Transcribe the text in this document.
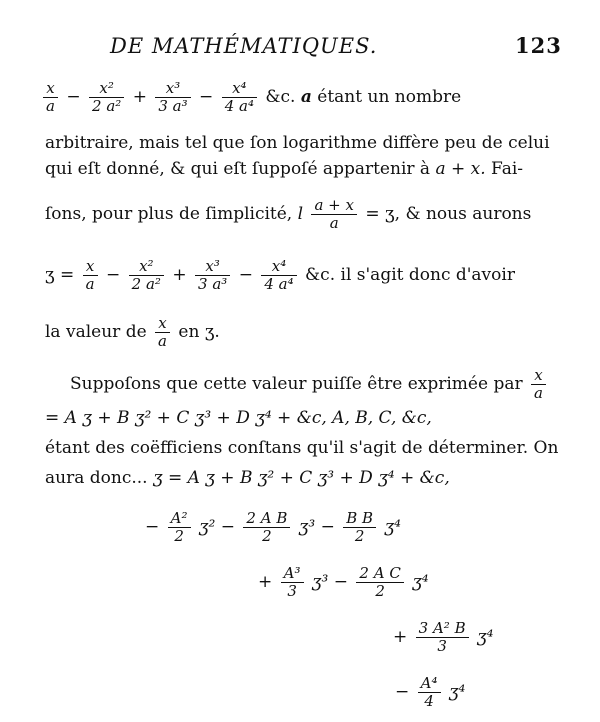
DE MATHÉMATIQUES.	123
$\frac{x}{a} - \frac{\text{x²}}{\text{2 a²}} + \frac{\text{x³}}{\text{3 a³}} - \frac{\text{x⁴}}{\text{4 a⁴}}$ &c. a étant un nombre
arbitraire, mais tel que ſon logarithme diffère peu de celui
qui eſt donné, & qui eſt ſuppoſé appartenir à a + x. Fai-
ſons, pour plus de ſimplicité, l $\frac{a + x}{a}$ = ʒ, & nous aurons
ʒ = $\frac{x}{a} - \frac{\text{x²}}{\text{2 a²}} + \frac{\text{x³}}{\text{3 a³}} - \frac{\text{x⁴}}{\text{4 a⁴}}$ &c. il s'agit donc d'avoir
la valeur de $\frac{x}{a}$ en ʒ.
Suppoſons que cette valeur puiſſe être exprimée par $\frac{x}{a}$
= A ʒ + B ʒ² + C ʒ³ + D ʒ⁴ + &c, A, B, C, &c,
étant des coëfficiens conſtans qu'il s'agit de déterminer. On
aura donc... ʒ = A ʒ + B ʒ² + C ʒ³ + D ʒ⁴ + &c,
− $\frac{\text{A²}}{2}$ ʒ² − $\frac{\text{2 A B}}{2}$ ʒ³ − $\frac{\text{B B}}{2}$ ʒ⁴
+ $\frac{\text{A³}}{3}$ ʒ³ − $\frac{\text{2 A C}}{2}$ ʒ⁴
+ $\frac{\text{3 A² B}}{3}$ ʒ⁴
− $\frac{\text{A⁴}}{4}$ ʒ⁴
